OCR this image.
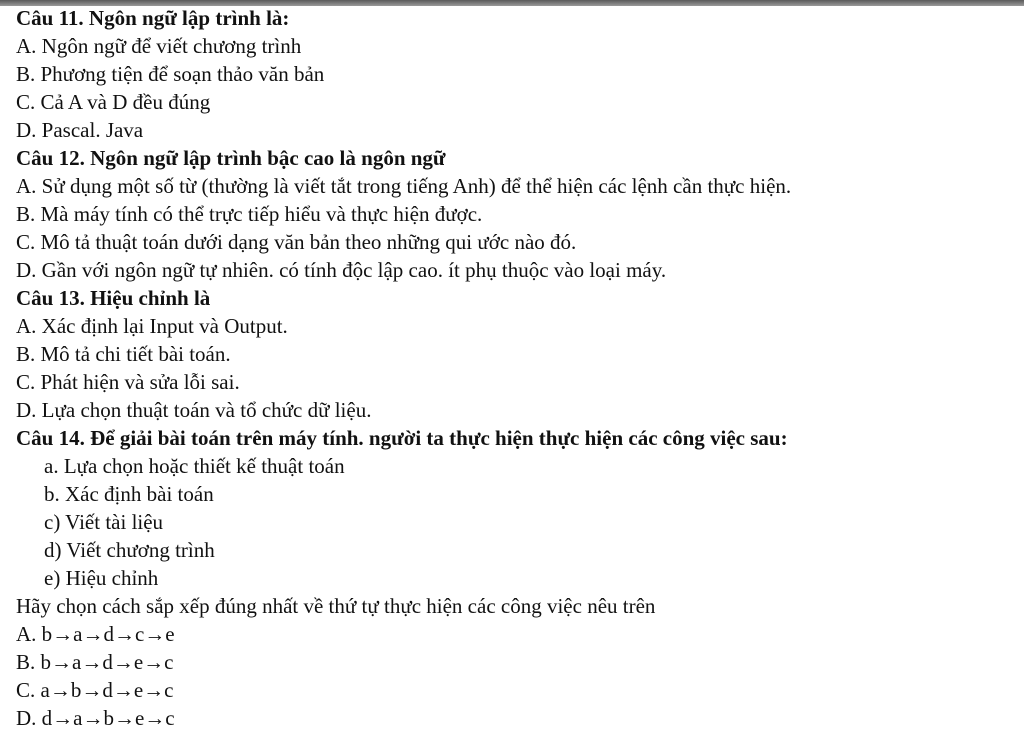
Câu 11. Ngôn ngữ lập trình là:
A. Ngôn ngữ để viết chương trình
B. Phương tiện để soạn thảo văn bản
C. Cả A và D đều đúng
D. Pascal. Java
Câu 12. Ngôn ngữ lập trình bậc cao là ngôn ngữ
A. Sử dụng một số từ (thường là viết tắt trong tiếng Anh) để thể hiện các lệnh cần thực hiện.
B. Mà máy tính có thể trực tiếp hiểu và thực hiện được.
C. Mô tả thuật toán dưới dạng văn bản theo những qui ước nào đó.
D. Gần với ngôn ngữ tự nhiên. có tính độc lập cao. ít phụ thuộc vào loại máy.
Câu 13. Hiệu chỉnh là
A. Xác định lại Input và Output.
B. Mô tả chi tiết bài toán.
C. Phát hiện và sửa lỗi sai.
D. Lựa chọn thuật toán và tổ chức dữ liệu.
Câu 14. Để giải bài toán trên máy tính. người ta thực hiện thực hiện các công việc sau:
a. Lựa chọn hoặc thiết kế thuật toán
b. Xác định bài toán
c) Viết tài liệu
d) Viết chương trình
e) Hiệu chỉnh
Hãy chọn cách sắp xếp đúng nhất về thứ tự thực hiện các công việc nêu trên
A. b→a→d→c→e
B. b→a→d→e→c
C. a→b→d→e→c
D. d→a→b→e→c
